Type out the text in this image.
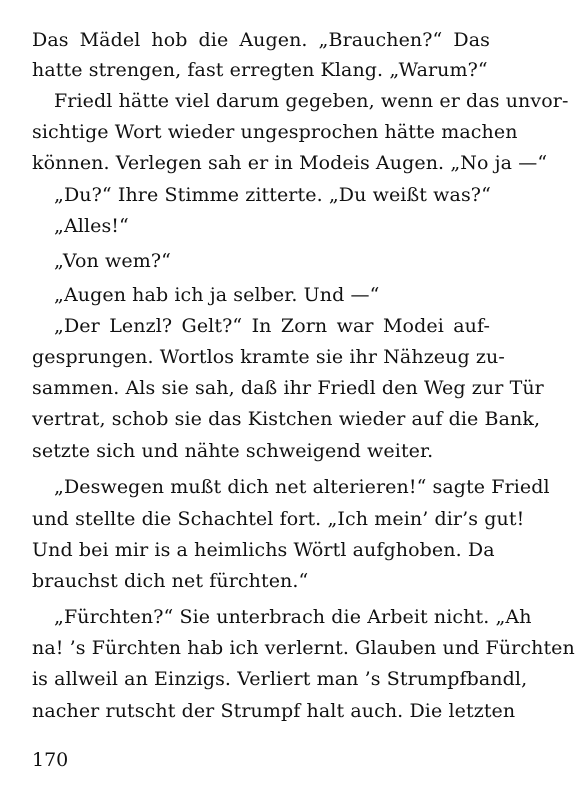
Das Mädel hob die Augen. „Brauchen?“ Das
hatte strengen, fast erregten Klang. „Warum?“
Friedl hätte viel darum gegeben, wenn er das unvor-
sichtige Wort wieder ungesprochen hätte machen
können. Verlegen sah er in Modeis Augen. „No ja —“
„Du?“ Ihre Stimme zitterte. „Du weißt was?“
„Alles!“
„Von wem?“
„Augen hab ich ja selber. Und —“
„Der Lenzl? Gelt?“ In Zorn war Modei auf-
gesprungen. Wortlos kramte sie ihr Nähzeug zu-
sammen. Als sie sah, daß ihr Friedl den Weg zur Tür
vertrat, schob sie das Kistchen wieder auf die Bank,
setzte sich und nähte schweigend weiter.
„Deswegen mußt dich net alterieren!“ sagte Friedl
und stellte die Schachtel fort. „Ich mein’ dir’s gut!
Und bei mir is a heimlichs Wörtl aufghoben. Da
brauchst dich net fürchten.“
„Fürchten?“ Sie unterbrach die Arbeit nicht. „Ah
na! ’s Fürchten hab ich verlernt. Glauben und Fürchten
is allweil an Einzigs. Verliert man ’s Strumpfbandl,
nacher rutscht der Strumpf halt auch. Die letzten
170
